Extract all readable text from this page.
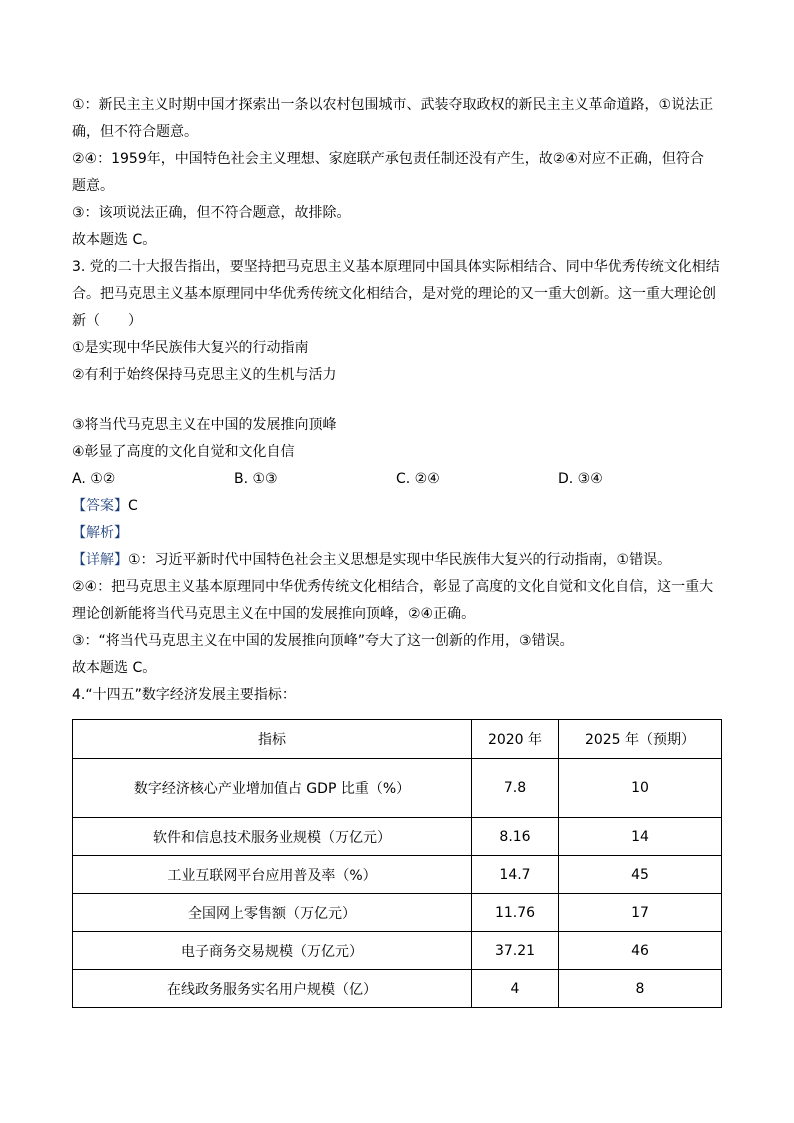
①：新民主主义时期中国才探索出一条以农村包围城市、武装夺取政权的新民主主义革命道路，①说法正
确，但不符合题意。
②④：1959年，中国特色社会主义理想、家庭联产承包责任制还没有产生，故②④对应不正确，但符合
题意。
③：该项说法正确，但不符合题意，故排除。
故本题选 C。
3. 党的二十大报告指出，要坚持把马克思主义基本原理同中国具体实际相结合、同中华优秀传统文化相结
合。把马克思主义基本原理同中华优秀传统文化相结合，是对党的理论的又一重大创新。这一重大理论创
新（　　）
①是实现中华民族伟大复兴的行动指南
②有利于始终保持马克思主义的生机与活力
③将当代马克思主义在中国的发展推向顶峰
④彰显了高度的文化自觉和文化自信
A. ①②	B. ①③	C. ②④	D. ③④
【答案】C
【解析】
【详解】①：习近平新时代中国特色社会主义思想是实现中华民族伟大复兴的行动指南，①错误。
②④：把马克思主义基本原理同中华优秀传统文化相结合，彰显了高度的文化自觉和文化自信，这一重大
理论创新能将当代马克思主义在中国的发展推向顶峰，②④正确。
③：“将当代马克思主义在中国的发展推向顶峰”夸大了这一创新的作用，③错误。
故本题选 C。
4.“十四五”数字经济发展主要指标：
指标	2020 年	2025 年（预期）
数字经济核心产业增加值占 GDP 比重（%）	7.8	10
软件和信息技术服务业规模（万亿元）	8.16	14
工业互联网平台应用普及率（%）	14.7	45
全国网上零售额（万亿元）	11.76	17
电子商务交易规模（万亿元）	37.21	46
在线政务服务实名用户规模（亿）	4	8
